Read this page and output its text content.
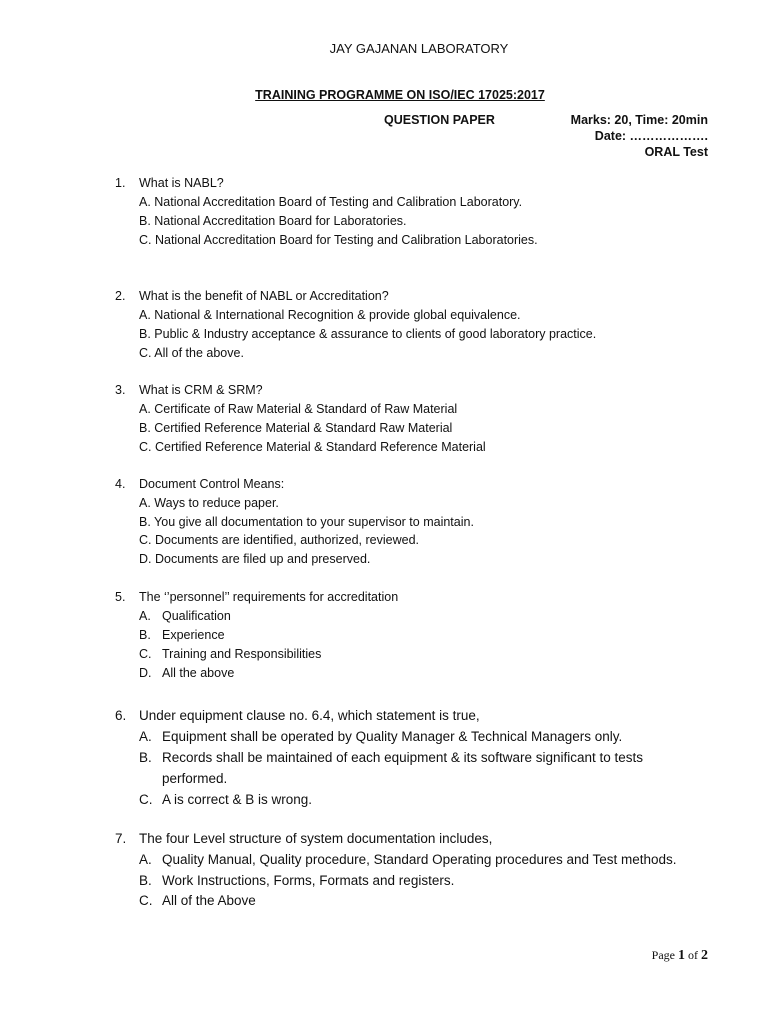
JAY GAJANAN LABORATORY
TRAINING PROGRAMME ON ISO/IEC 17025:2017
QUESTION PAPER	Marks: 20, Time: 20min
Date: ……………….
ORAL Test
1. What is NABL?
A. National Accreditation Board of Testing and Calibration Laboratory.
B. National Accreditation Board for Laboratories.
C. National Accreditation Board for Testing and Calibration Laboratories.
2. What is the benefit of NABL or Accreditation?
A. National & International Recognition & provide global equivalence.
B. Public & Industry acceptance & assurance to clients of good laboratory practice.
C. All of the above.
3. What is CRM & SRM?
A. Certificate of Raw Material & Standard of Raw Material
B. Certified Reference Material & Standard Raw Material
C. Certified Reference Material & Standard Reference Material
4. Document Control Means:
A. Ways to reduce paper.
B. You give all documentation to your supervisor to maintain.
C. Documents are identified, authorized, reviewed.
D. Documents are filed up and preserved.
5. The ‘’personnel’’ requirements for accreditation
A. Qualification
B. Experience
C. Training and Responsibilities
D. All the above
6. Under equipment clause no. 6.4, which statement is true,
A. Equipment shall be operated by Quality Manager & Technical Managers only.
B. Records shall be maintained of each equipment & its software significant to tests
performed.
C. A is correct & B is wrong.
7. The four Level structure of system documentation includes,
A. Quality Manual, Quality procedure, Standard Operating procedures and Test methods.
B. Work Instructions, Forms, Formats and registers.
C. All of the Above
Page 1 of 2
